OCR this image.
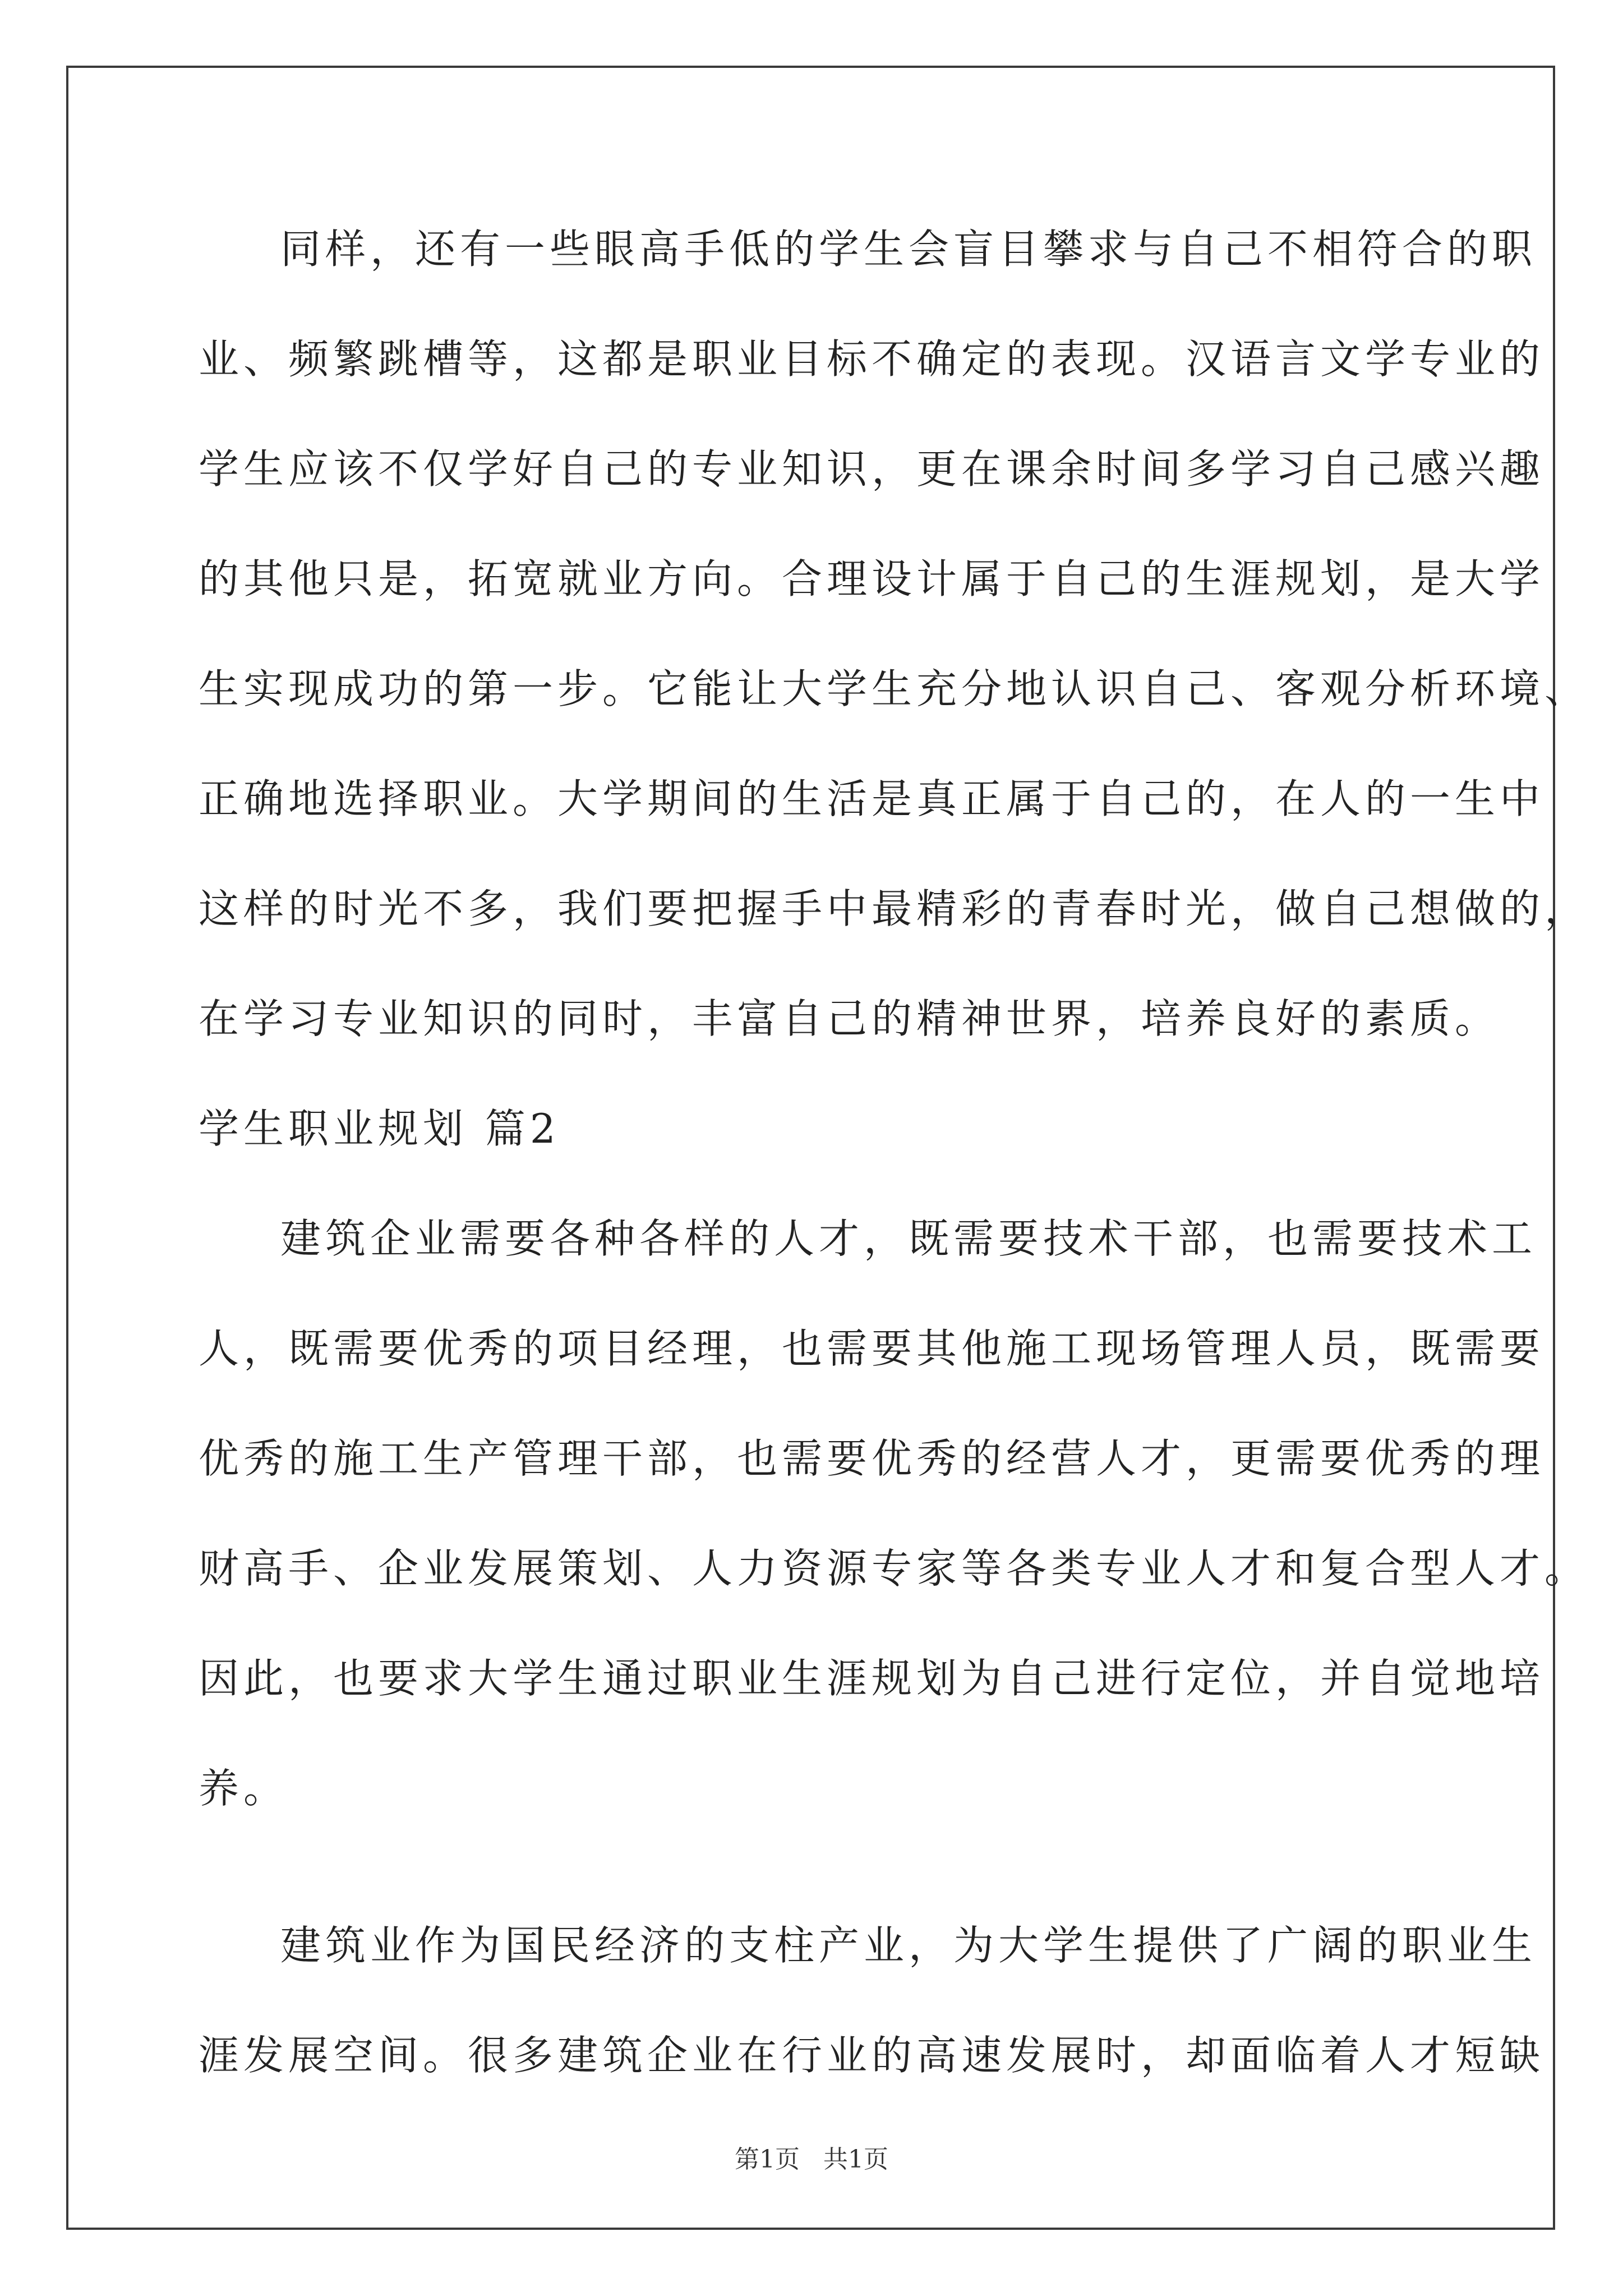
同样，还有一些眼高手低的学生会盲目攀求与自己不相符合的职
业、频繁跳槽等，这都是职业目标不确定的表现。汉语言文学专业的
学生应该不仅学好自己的专业知识，更在课余时间多学习自己感兴趣
的其他只是，拓宽就业方向。合理设计属于自己的生涯规划，是大学
生实现成功的第一步。它能让大学生充分地认识自己、客观分析环境、
正确地选择职业。大学期间的生活是真正属于自己的，在人的一生中
这样的时光不多，我们要把握手中最精彩的青春时光，做自己想做的，
在学习专业知识的同时，丰富自己的精神世界，培养良好的素质。
学生职业规划 篇2
建筑企业需要各种各样的人才，既需要技术干部，也需要技术工
人，既需要优秀的项目经理，也需要其他施工现场管理人员，既需要
优秀的施工生产管理干部，也需要优秀的经营人才，更需要优秀的理
财高手、企业发展策划、人力资源专家等各类专业人才和复合型人才。
因此，也要求大学生通过职业生涯规划为自己进行定位，并自觉地培
养。
建筑业作为国民经济的支柱产业，为大学生提供了广阔的职业生
涯发展空间。很多建筑企业在行业的高速发展时，却面临着人才短缺
第1页   共1页
